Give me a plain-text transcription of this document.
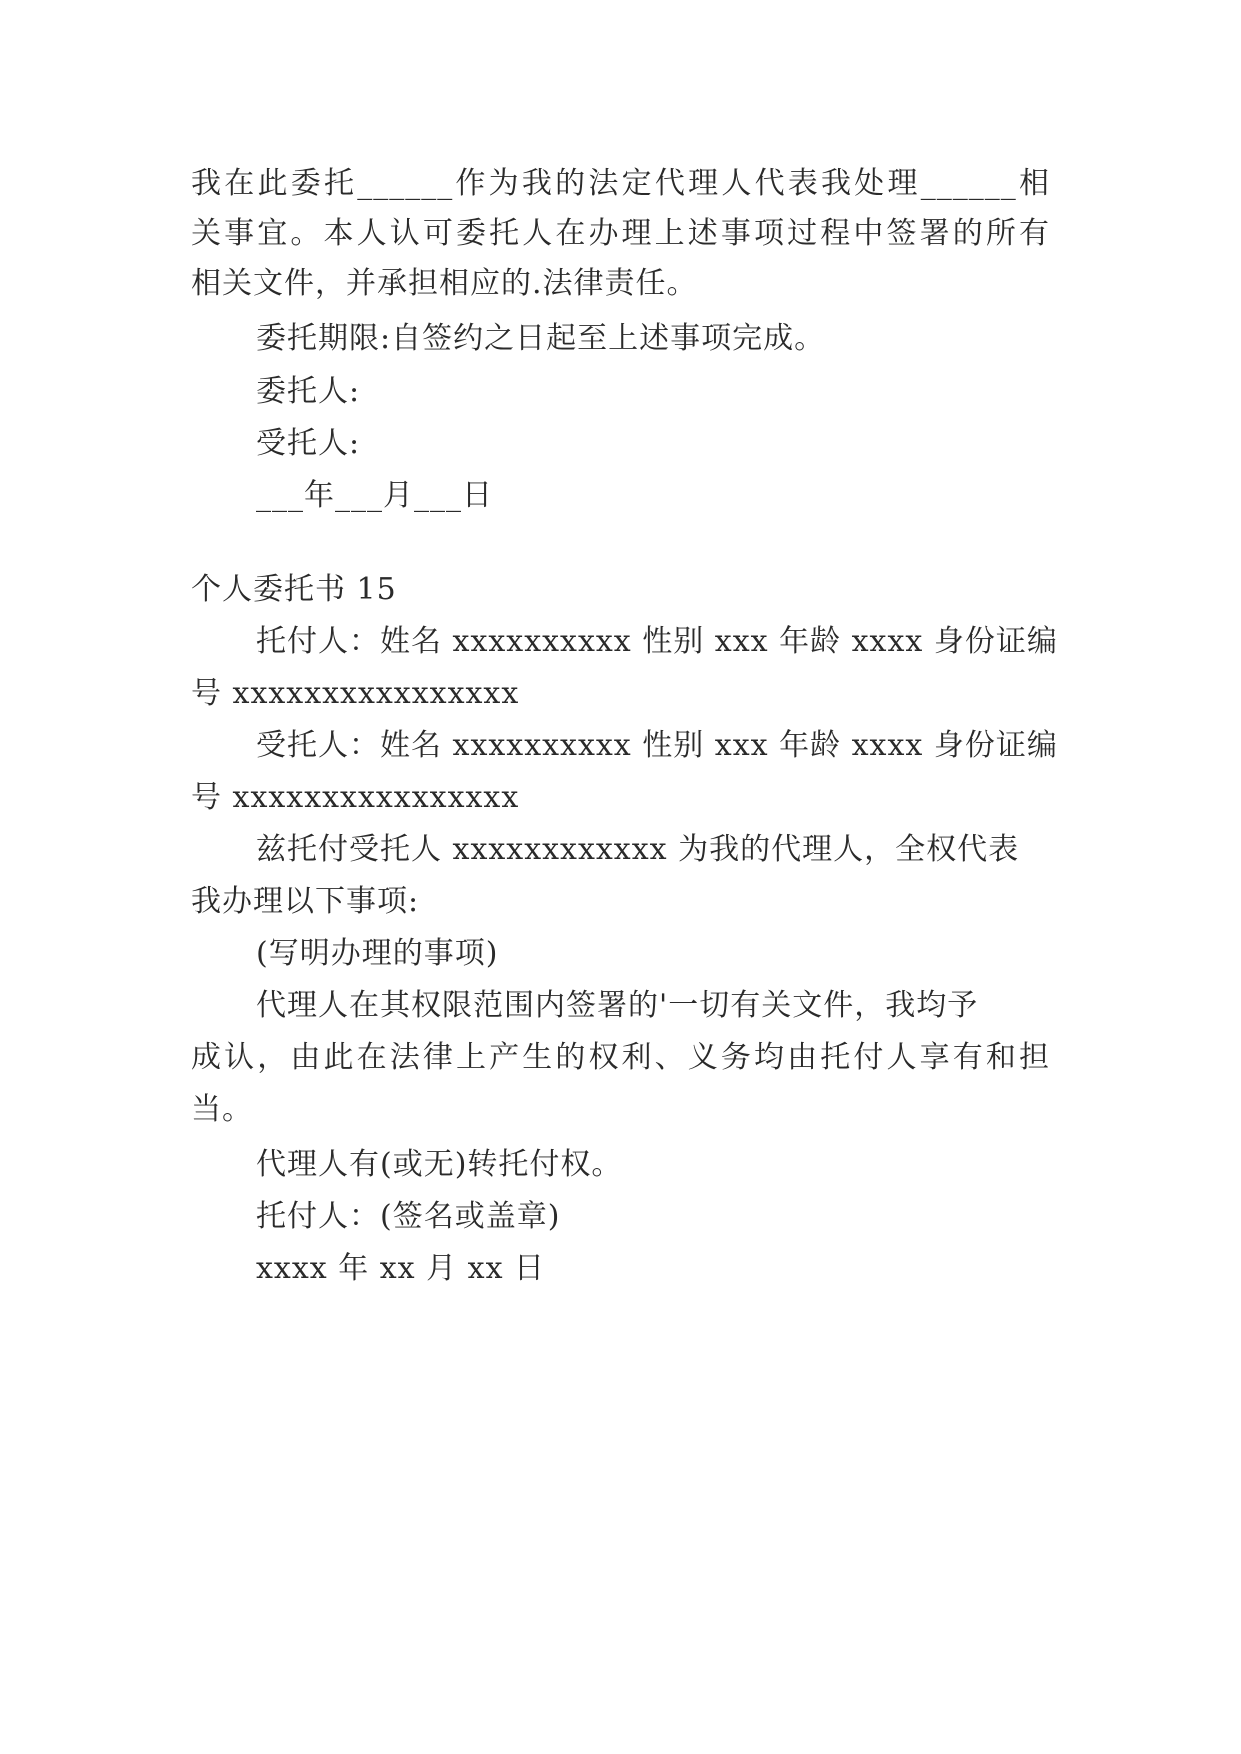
我在此委托______作为我的法定代理人代表我处理______相
关事宜。本人认可委托人在办理上述事项过程中签署的所有
相关文件，并承担相应的.法律责任。
委托期限:自签约之日起至上述事项完成。
委托人:
受托人:
___年___月___日
个人委托书 15
托付人：姓名 xxxxxxxxxx 性别 xxx 年龄 xxxx 身份证编
号 xxxxxxxxxxxxxxxx
受托人：姓名 xxxxxxxxxx 性别 xxx 年龄 xxxx 身份证编
号 xxxxxxxxxxxxxxxx
兹托付受托人 xxxxxxxxxxxx 为我的代理人，全权代表
我办理以下事项:
(写明办理的事项)
代理人在其权限范围内签署的'一切有关文件，我均予
成认，由此在法律上产生的权利、义务均由托付人享有和担
当。
代理人有(或无)转托付权。
托付人：(签名或盖章)
xxxx 年 xx 月 xx 日
